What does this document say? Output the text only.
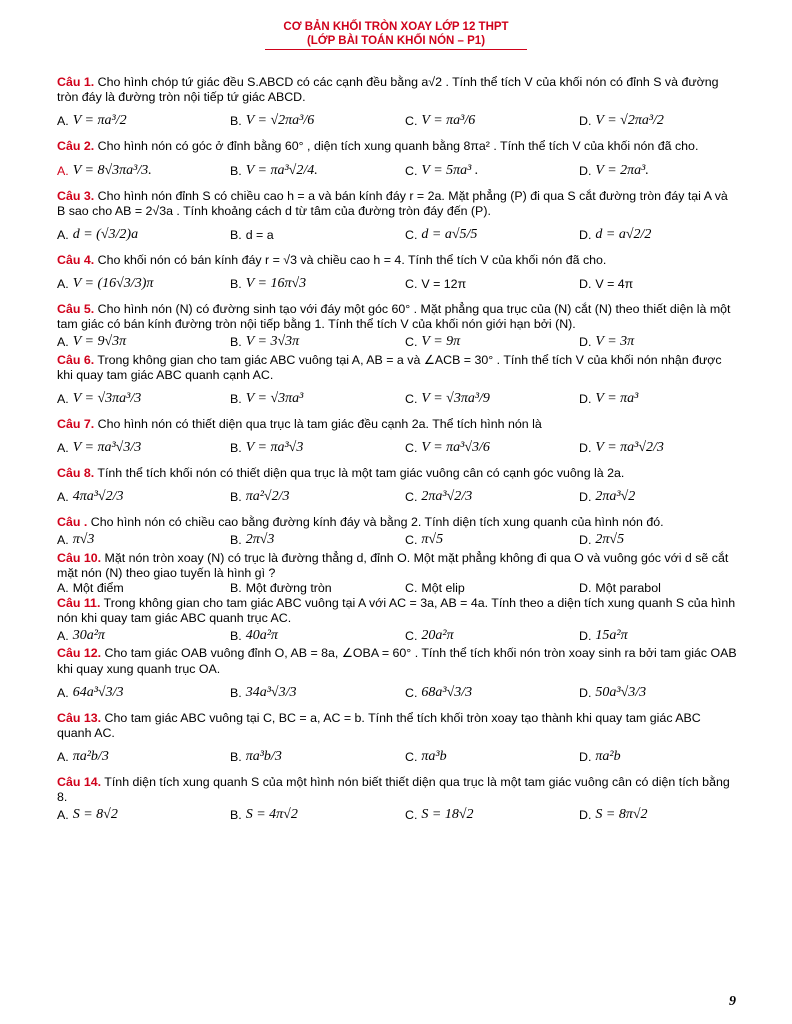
CƠ BẢN KHỐI TRÒN XOAY LỚP 12 THPT
(LỚP BÀI TOÁN KHỐI NÓN – P1)

Câu 1. Cho hình chóp tứ giác đều S.ABCD có các cạnh đều bằng a√2 . Tính thể tích V của khối nón có đỉnh S và đường tròn đáy là đường tròn nội tiếp tứ giác ABCD.

A. V = πa³/2	B. V = √2πa³/6	C. V = πa³/6	D. V = √2πa³/2

Câu 2. Cho hình nón có góc ở đỉnh bằng 60° , diện tích xung quanh bằng 8πa² . Tính thể tích V của khối nón đã cho.

A. V = 8√3πa³/3.	B. V = πa³√2/4.	C. V = 5πa³ .	D. V = 2πa³.

Câu 3. Cho hình nón đỉnh S có chiều cao h = a và bán kính đáy r = 2a. Mặt phẳng (P) đi qua S cắt đường tròn đáy tại A và B sao cho AB = 2√3a . Tính khoảng cách d từ tâm của đường tròn đáy đến (P).

A. d = (√3/2)a	B. d = a	C. d = a√5/5	D. d = a√2/2

Câu 4. Cho khối nón có bán kính đáy r = √3 và chiều cao h = 4. Tính thể tích V của khối nón đã cho.

A. V = (16√3/3)π	B. V = 16π√3	C. V = 12π	D. V = 4π

Câu 5. Cho hình nón (N) có đường sinh tạo với đáy một góc 60° . Mặt phẳng qua trục của (N) cắt (N) theo thiết diện là một tam giác có bán kính đường tròn nội tiếp bằng 1. Tính thể tích V của khối nón giới hạn bởi (N).

A. V = 9√3π	B. V = 3√3π	C. V = 9π	D. V = 3π

Câu 6. Trong không gian cho tam giác ABC vuông tại A, AB = a và ∠ACB = 30° . Tính thể tích V của khối nón nhận được khi quay tam giác ABC quanh cạnh AC.

A. V = √3πa³/3	B. V = √3πa³	C. V = √3πa³/9	D. V = πa³

Câu 7. Cho hình nón có thiết diện qua trục là tam giác đều cạnh 2a. Thể tích hình nón là

A. V = πa³√3/3	B. V = πa³√3	C. V = πa³√3/6	D. V = πa³√2/3

Câu 8. Tính thể tích khối nón có thiết diện qua trục là một tam giác vuông cân có cạnh góc vuông là 2a.

A. 4πa³√2/3	B. πa²√2/3	C. 2πa³√2/3	D. 2πa³√2

Câu . Cho hình nón có chiều cao bằng đường kính đáy và bằng 2. Tính diện tích xung quanh của hình nón đó.

A. π√3	B. 2π√3	C. π√5	D. 2π√5

Câu 10. Mặt nón tròn xoay (N) có trục là đường thẳng d, đỉnh O. Một mặt phẳng không đi qua O và vuông góc với d sẽ cắt mặt nón (N) theo giao tuyến là hình gì ?

A. Một điểm	B. Một đường tròn	C. Một elip	D. Một parabol

Câu 11. Trong không gian cho tam giác ABC vuông tại A với AC = 3a, AB = 4a. Tính theo a diện tích xung quanh S của hình nón khi quay tam giác ABC quanh trục AC.

A. 30a²π	B. 40a²π	C. 20a²π	D. 15a²π

Câu 12. Cho tam giác OAB vuông đỉnh O, AB = 8a, ∠OBA = 60° . Tính thể tích khối nón tròn xoay sinh ra bởi tam giác OAB khi quay xung quanh trục OA.

A. 64a³√3/3	B. 34a³√3/3	C. 68a³√3/3	D. 50a³√3/3

Câu 13. Cho tam giác ABC vuông tại C, BC = a, AC = b. Tính thể tích khối tròn xoay tạo thành khi quay tam giác ABC quanh AC.

A. πa²b/3	B. πa³b/3	C. πa³b	D. πa²b

Câu 14. Tính diện tích xung quanh S của một hình nón biết thiết diện qua trục là một tam giác vuông cân có diện tích bằng 8.

A. S = 8√2	B. S = 4π√2	C. S = 18√2	D. S = 8π√2
9
